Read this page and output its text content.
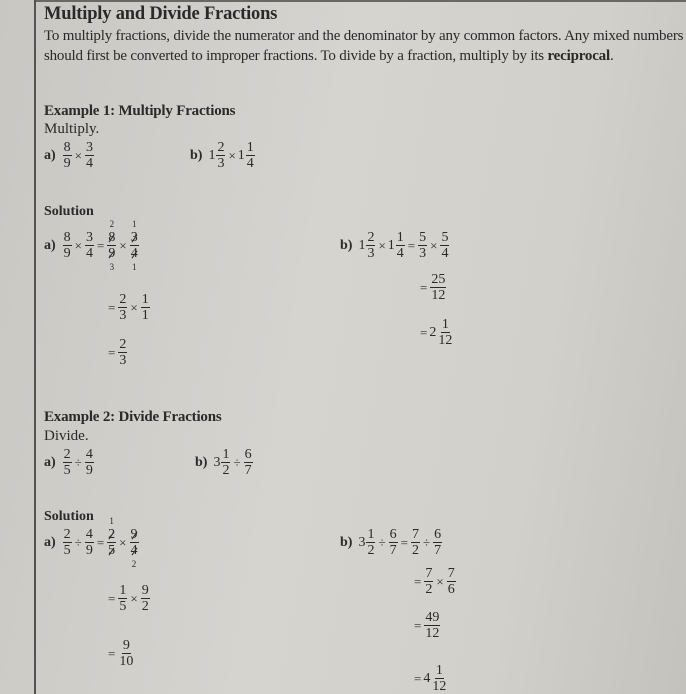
Multiply and Divide Fractions
To multiply fractions, divide the numerator and the denominator by any common factors. Any mixed numbers should first be converted to improper fractions. To divide by a fraction, multiply by its reciprocal.
Example 1: Multiply Fractions
Multiply.
$a) \frac{8}{9} \times \frac{3}{4}$	b) $1 \frac{2}{3} \times 1 \frac{1}{4}$
Solution
$a) \frac{8}{9} \times \frac{3}{4} = 8$
9
2
3
× 3
4
1
1
= $\frac{2}{3} \times \frac{1}{1}$
= $\frac{2}{3}$
b) $1 \frac{2}{3} \times 1 \frac{1}{4} = \frac{5}{3} \times \frac{5}{4}$
= $\frac{25}{12}$
= $2 \frac{1}{12}$
Example 2: Divide Fractions
Divide.
$a) \frac{2}{5} \div \frac{4}{9}$	b) $3 \frac{1}{2} \div \frac{6}{7}$
Solution
$a) \frac{2}{5} \div \frac{4}{9} = 2$
5
1
× 9
4
2
= $\frac{1}{5} \times \frac{9}{2}$
= $\frac{9}{10}$
b) $3 \frac{1}{2} \div \frac{6}{7} = \frac{7}{2} \div \frac{6}{7}$
= $\frac{7}{2} \times \frac{7}{6}$
= $\frac{49}{12}$
= $4 \frac{1}{12}$
